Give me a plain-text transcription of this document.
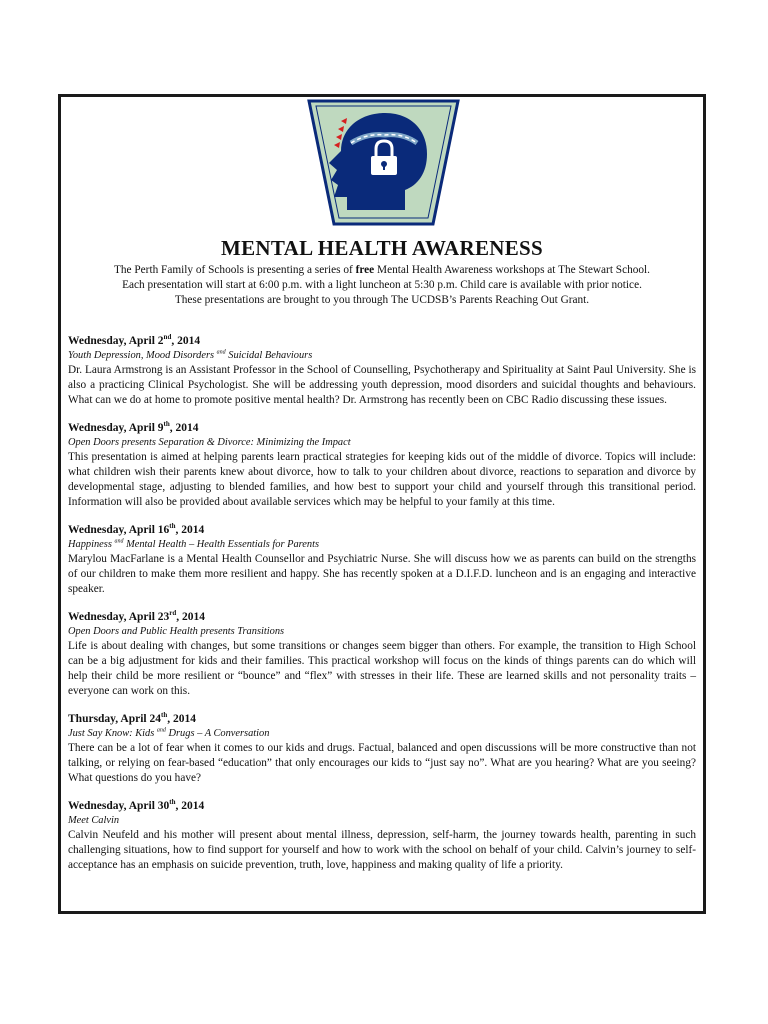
MENTAL HEALTH AWARENESS
The Perth Family of Schools is presenting a series of free Mental Health Awareness workshops at The Stewart School.
Each presentation will start at 6:00 p.m. with a light luncheon at 5:30 p.m. Child care is available with prior notice.
These presentations are brought to you through The UCDSB’s Parents Reaching Out Grant.
Wednesday, April 2nd, 2014
Youth Depression, Mood Disorders $^{and}$ Suicidal Behaviours
Dr. Laura Armstrong is an Assistant Professor in the School of Counselling, Psychotherapy and Spirituality at Saint Paul University. She is also a practicing Clinical Psychologist. She will be addressing youth depression, mood disorders and suicidal thoughts and behaviours. What can we do at home to promote positive mental health? Dr. Armstrong has recently been on CBC Radio discussing these issues.
Wednesday, April 9th, 2014
Open Doors presents Separation & Divorce: Minimizing the Impact
This presentation is aimed at helping parents learn practical strategies for keeping kids out of the middle of divorce. Topics will include: what children wish their parents knew about divorce, how to talk to your children about divorce, reactions to separation and divorce by developmental stage, adjusting to blended families, and how best to support your child and yourself through this transitional period. Information will also be provided about available services which may be helpful to your family at this time.
Wednesday, April 16th, 2014
Happiness $^{and}$ Mental Health – Health Essentials for Parents
Marylou MacFarlane is a Mental Health Counsellor and Psychiatric Nurse. She will discuss how we as parents can build on the strengths of our children to make them more resilient and happy. She has recently spoken at a D.I.F.D. luncheon and is an engaging and interactive speaker.
Wednesday, April 23rd, 2014
Open Doors and Public Health presents Transitions
Life is about dealing with changes, but some transitions or changes seem bigger than others. For example, the transition to High School can be a big adjustment for kids and their families. This practical workshop will focus on the kinds of things parents can do which will help their child be more resilient or “bounce” and “flex” with stresses in their life. These are learned skills and not personality traits – everyone can work on this.
Thursday, April 24th, 2014
Just Say Know: Kids $^{and}$ Drugs – A Conversation
There can be a lot of fear when it comes to our kids and drugs. Factual, balanced and open discussions will be more constructive than not talking, or relying on fear-based “education” that only encourages our kids to “just say no”. What are you hearing? What are you seeing? What questions do you have?
Wednesday, April 30th, 2014
Meet Calvin
Calvin Neufeld and his mother will present about mental illness, depression, self-harm, the journey towards health, parenting in such challenging situations, how to find support for yourself and how to work with the school on behalf of your child. Calvin’s journey to self-acceptance has an emphasis on suicide prevention, truth, love, happiness and making quality of life a priority.
